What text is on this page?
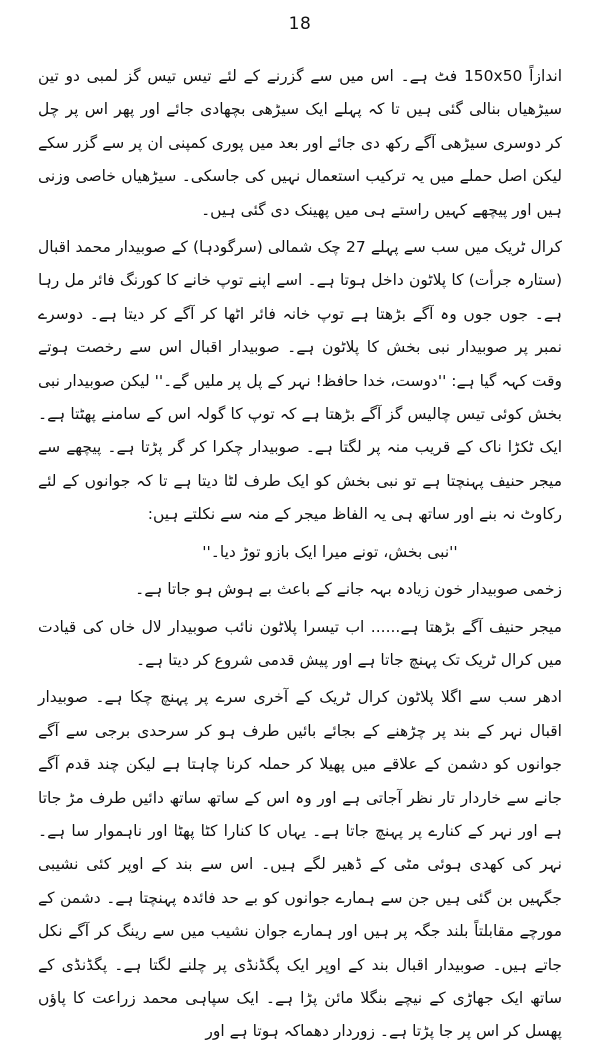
18

اندازاً 150x50 فٹ ہے۔ اس میں سے گزرنے کے لئے تیس تیس گز لمبی دو تین سیڑھیاں بنالی گئی ہیں تا کہ پہلے ایک سیڑھی بچھادی جائے اور پھر اس پر چل کر دوسری سیڑھی آگے رکھ دی جائے اور بعد میں پوری کمپنی ان پر سے گزر سکے لیکن اصل حملے میں یہ ترکیب استعمال نہیں کی جاسکی۔ سیڑھیاں خاصی وزنی ہیں اور پیچھے کہیں راستے ہی میں پھینک دی گئی ہیں۔

کرال ٹریک میں سب سے پہلے 27 چک شمالی (سرگودہا) کے صوبیدار محمد اقبال (ستارہ جرأت) کا پلاٹون داخل ہوتا ہے۔ اسے اپنے توپ خانے کا کورنگ فائر مل رہا ہے۔ جوں جوں وہ آگے بڑھتا ہے توپ خانہ فائر اٹھا کر آگے کر دیتا ہے۔ دوسرے نمبر پر صوبیدار نبی بخش کا پلاٹون ہے۔ صوبیدار اقبال اس سے رخصت ہوتے وقت کہہ گیا ہے: ''دوست، خدا حافظ! نہر کے پل پر ملیں گے۔'' لیکن صوبیدار نبی بخش کوئی تیس چالیس گز آگے بڑھتا ہے کہ توپ کا گولہ اس کے سامنے پھٹتا ہے۔ ایک ٹکڑا ناک کے قریب منہ پر لگتا ہے۔ صوبیدار چکرا کر گر پڑتا ہے۔ پیچھے سے میجر حنیف پہنچتا ہے تو نبی بخش کو ایک طرف لٹا دیتا ہے تا کہ جوانوں کے لئے رکاوٹ نہ بنے اور ساتھ ہی یہ الفاظ میجر کے منہ سے نکلتے ہیں:

''نبی بخش، تونے میرا ایک بازو توڑ دیا۔''

زخمی صوبیدار خون زیادہ بہہ جانے کے باعث بے ہوش ہو جاتا ہے۔

میجر حنیف آگے بڑھتا ہے...... اب تیسرا پلاٹون نائب صوبیدار لال خاں کی قیادت میں کرال ٹریک تک پہنچ جاتا ہے اور پیش قدمی شروع کر دیتا ہے۔

ادھر سب سے اگلا پلاٹون کرال ٹریک کے آخری سرے پر پہنچ چکا ہے۔ صوبیدار اقبال نہر کے بند پر چڑھنے کے بجائے بائیں طرف ہو کر سرحدی برجی سے آگے جوانوں کو دشمن کے علاقے میں پھیلا کر حملہ کرنا چاہتا ہے لیکن چند قدم آگے جانے سے خاردار تار نظر آجاتی ہے اور وہ اس کے ساتھ ساتھ دائیں طرف مڑ جاتا ہے اور نہر کے کنارے پر پہنچ جاتا ہے۔ یہاں کا کنارا کٹا پھٹا اور ناہموار سا ہے۔ نہر کی کھدی ہوئی مٹی کے ڈھیر لگے ہیں۔ اس سے بند کے اوپر کئی نشیبی جگہیں بن گئی ہیں جن سے ہمارے جوانوں کو بے حد فائدہ پہنچتا ہے۔ دشمن کے مورچے مقابلتاً بلند جگہ پر ہیں اور ہمارے جوان نشیب میں سے رینگ کر آگے نکل جاتے ہیں۔ صوبیدار اقبال بند کے اوپر ایک پگڈنڈی پر چلنے لگتا ہے۔ پگڈنڈی کے ساتھ ایک جھاڑی کے نیچے بنگلا مائن پڑا ہے۔ ایک سپاہی محمد زراعت کا پاؤں پھسل کر اس پر جا پڑتا ہے۔ زوردار دھماکہ ہوتا ہے اور
